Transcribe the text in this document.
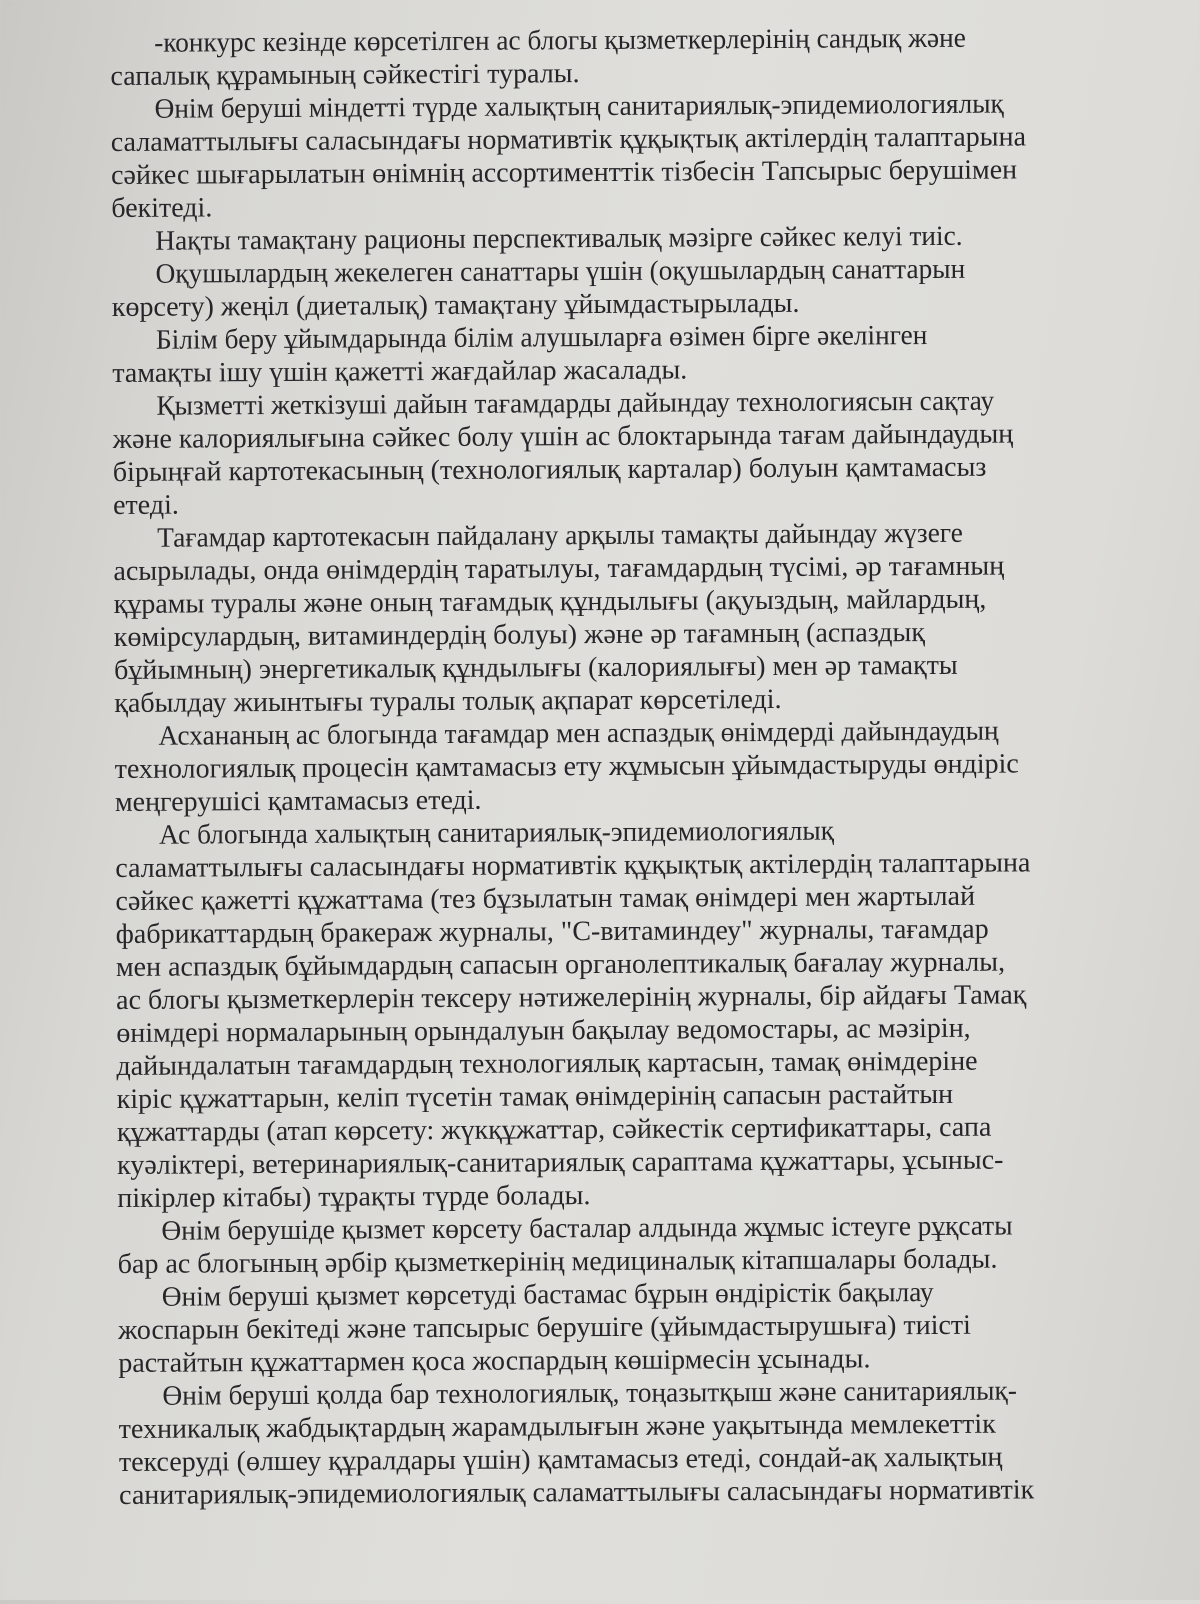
-конкурс кезінде көрсетілген ас блогы қызметкерлерінің сандық және
сапалық құрамының сәйкестігі туралы.

Өнім беруші міндетті түрде халықтың санитариялық-эпидемиологиялық
саламаттылығы саласындағы нормативтік құқықтық актілердің талаптарына
сәйкес шығарылатын өнімнің ассортименттік тізбесін Тапсырыс берушімен
бекітеді.

Нақты тамақтану рационы перспективалық мәзірге сәйкес келуі тиіс.

Оқушылардың жекелеген санаттары үшін (оқушылардың санаттарын
көрсету) жеңіл (диеталық) тамақтану ұйымдастырылады.

Білім беру ұйымдарында білім алушыларға өзімен бірге әкелінген
тамақты ішу үшін қажетті жағдайлар жасалады.

Қызметті жеткізуші дайын тағамдарды дайындау технологиясын сақтау
және калориялығына сәйкес болу үшін ас блоктарында тағам дайындаудың
бірыңғай картотекасының (технологиялық карталар) болуын қамтамасыз
етеді.

Тағамдар картотекасын пайдалану арқылы тамақты дайындау жүзеге
асырылады, онда өнімдердің таратылуы, тағамдардың түсімі, әр тағамның
құрамы туралы және оның тағамдық құндылығы (ақуыздың, майлардың,
көмірсулардың, витаминдердің болуы) және әр тағамның (аспаздық
бұйымның) энергетикалық құндылығы (калориялығы) мен әр тамақты
қабылдау жиынтығы туралы толық ақпарат көрсетіледі.

Асхананың ас блогында тағамдар мен аспаздық өнімдерді дайындаудың
технологиялық процесін қамтамасыз ету жұмысын ұйымдастыруды өндіріс
меңгерушісі қамтамасыз етеді.

Ас блогында халықтың санитариялық-эпидемиологиялық
саламаттылығы саласындағы нормативтік құқықтық актілердің талаптарына
сәйкес қажетті құжаттама (тез бұзылатын тамақ өнімдері мен жартылай
фабрикаттардың бракераж журналы, "С-витаминдеу" журналы, тағамдар
мен аспаздық бұйымдардың сапасын органолептикалық бағалау журналы,
ас блогы қызметкерлерін тексеру нәтижелерінің журналы, бір айдағы Тамақ
өнімдері нормаларының орындалуын бақылау ведомостары, ас мәзірін,
дайындалатын тағамдардың технологиялық картасын, тамақ өнімдеріне
кіріс құжаттарын, келіп түсетін тамақ өнімдерінің сапасын растайтын
құжаттарды (атап көрсету: жүкқұжаттар, сәйкестік сертификаттары, сапа
куәліктері, ветеринариялық-санитариялық сараптама құжаттары, ұсыныс-
пікірлер кітабы) тұрақты түрде болады.

Өнім берушіде қызмет көрсету басталар алдында жұмыс істеуге рұқсаты
бар ас блогының әрбір қызметкерінің медициналық кітапшалары болады.

Өнім беруші қызмет көрсетуді бастамас бұрын өндірістік бақылау
жоспарын бекітеді және тапсырыс берушіге (ұйымдастырушыға) тиісті
растайтын құжаттармен қоса жоспардың көшірмесін ұсынады.

Өнім беруші қолда бар технологиялық, тоңазытқыш және санитариялық-
техникалық жабдықтардың жарамдылығын және уақытында мемлекеттік
тексеруді (өлшеу құралдары үшін) қамтамасыз етеді, сондай-ақ халықтың
санитариялық-эпидемиологиялық саламаттылығы саласындағы нормативтік
